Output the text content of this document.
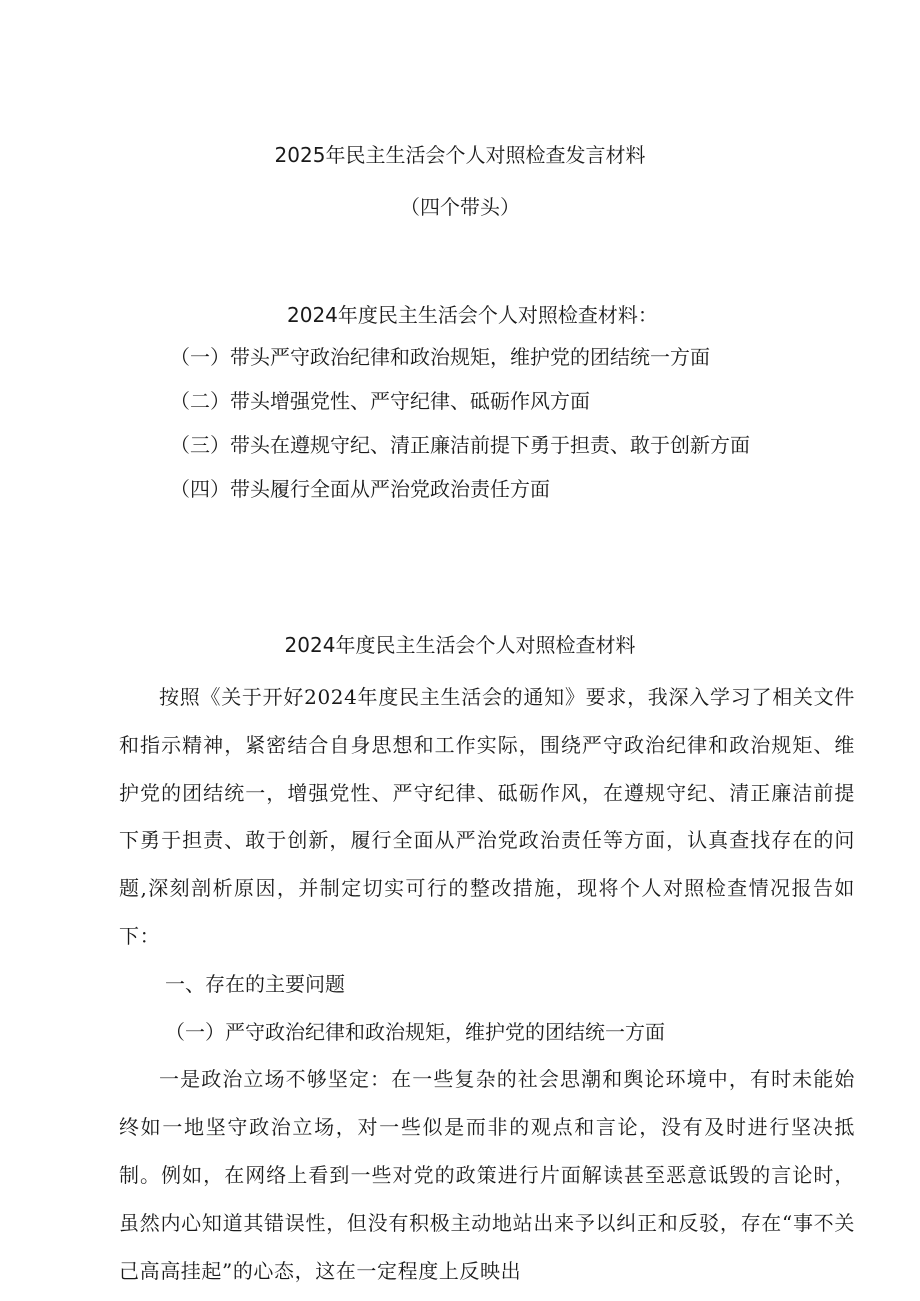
2025年民主生活会个人对照检查发言材料
（四个带头）
2024年度民主生活会个人对照检查材料：
（一）带头严守政治纪律和政治规矩，维护党的团结统一方面
（二）带头增强党性、严守纪律、砥砺作风方面
（三）带头在遵规守纪、清正廉洁前提下勇于担责、敢于创新方面
（四）带头履行全面从严治党政治责任方面
2024年度民主生活会个人对照检查材料

按照《关于开好2024年度民主生活会的通知》要求，我深入学习了相关文件和指示精神，紧密结合自身思想和工作实际，围绕严守政治纪律和政治规矩、维护党的团结统一，增强党性、严守纪律、砥砺作风，在遵规守纪、清正廉洁前提下勇于担责、敢于创新，履行全面从严治党政治责任等方面，认真查找存在的问题,深刻剖析原因，并制定切实可行的整改措施，现将个人对照检查情况报告如下：

一、存在的主要问题

（一）严守政治纪律和政治规矩，维护党的团结统一方面

一是政治立场不够坚定：在一些复杂的社会思潮和舆论环境中，有时未能始终如一地坚守政治立场，对一些似是而非的观点和言论，没有及时进行坚决抵制。例如，在网络上看到一些对党的政策进行片面解读甚至恶意诋毁的言论时，虽然内心知道其错误性，但没有积极主动地站出来予以纠正和反驳，存在“事不关己高高挂起”的心态，这在一定程度上反映出
